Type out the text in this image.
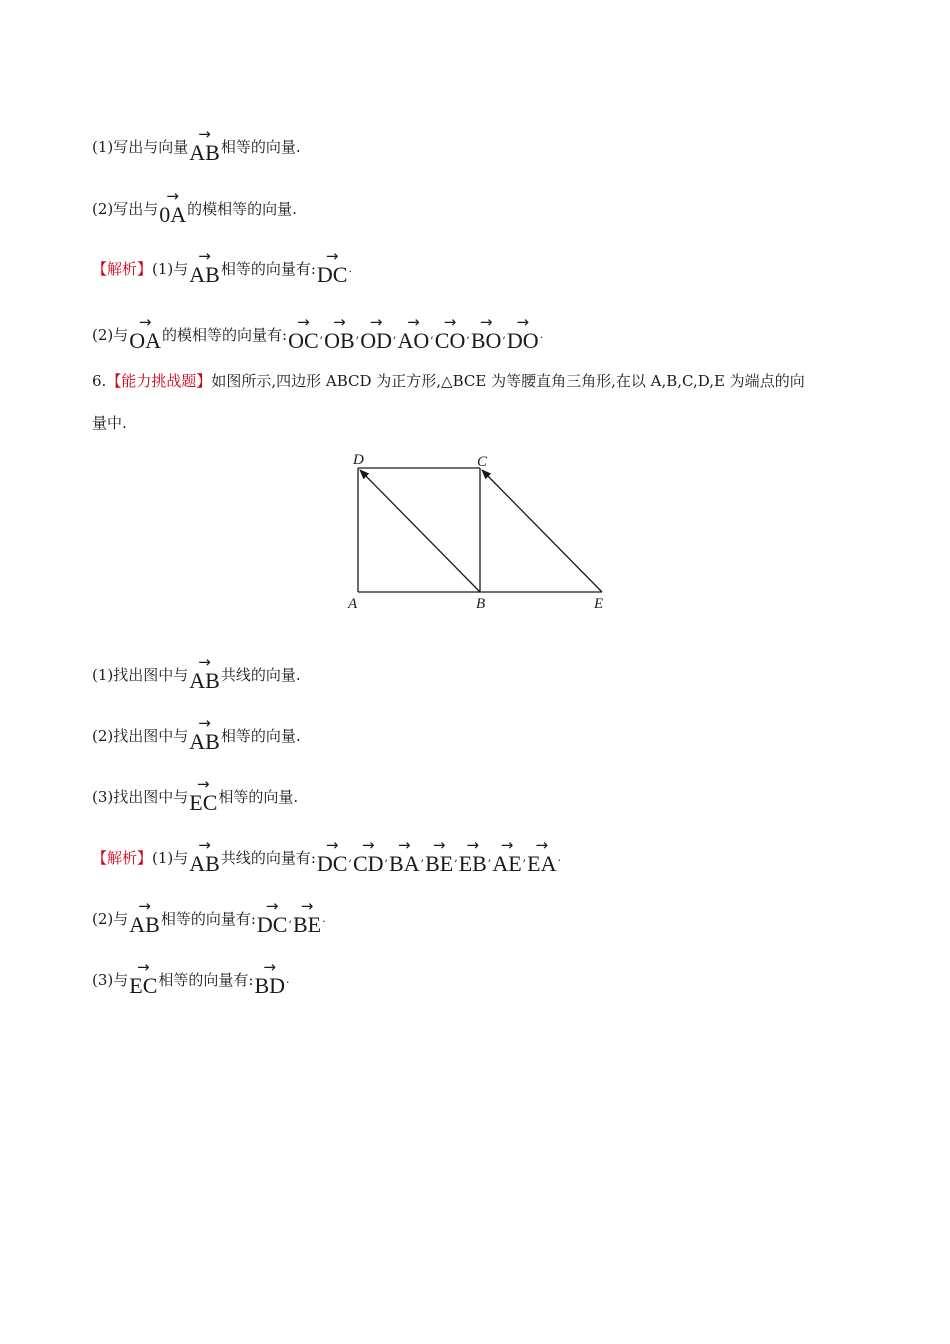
(1)写出与向量
→
AB相等的向量.
(2)写出与
→
0A的模相等的向量.
【解析】(1)与
→
AB相等的向量有:
→
DC.
(2)与
→
OA的模相等的向量有:
→
OC,
→
OB,
→
OD,
→
AO,
→
CO,
→
BO,
→
DO.
6.【能力挑战题】如图所示,四边形 ABCD 为正方形,△BCE 为等腰直角三角形,在以 A,B,C,D,E 为端点的向
量中.
D	C
A	B	E
(1)找出图中与
→
AB共线的向量.
(2)找出图中与
→
AB相等的向量.
(3)找出图中与
→
EC相等的向量.
【解析】(1)与
→
AB共线的向量有:
→
DC,
→
CD,
→
BA,
→
BE,
→
EB,
→
AE,
→
EA.
(2)与
→
AB相等的向量有:
→
DC,
→
BE.
(3)与
→
EC相等的向量有:
→
BD.
